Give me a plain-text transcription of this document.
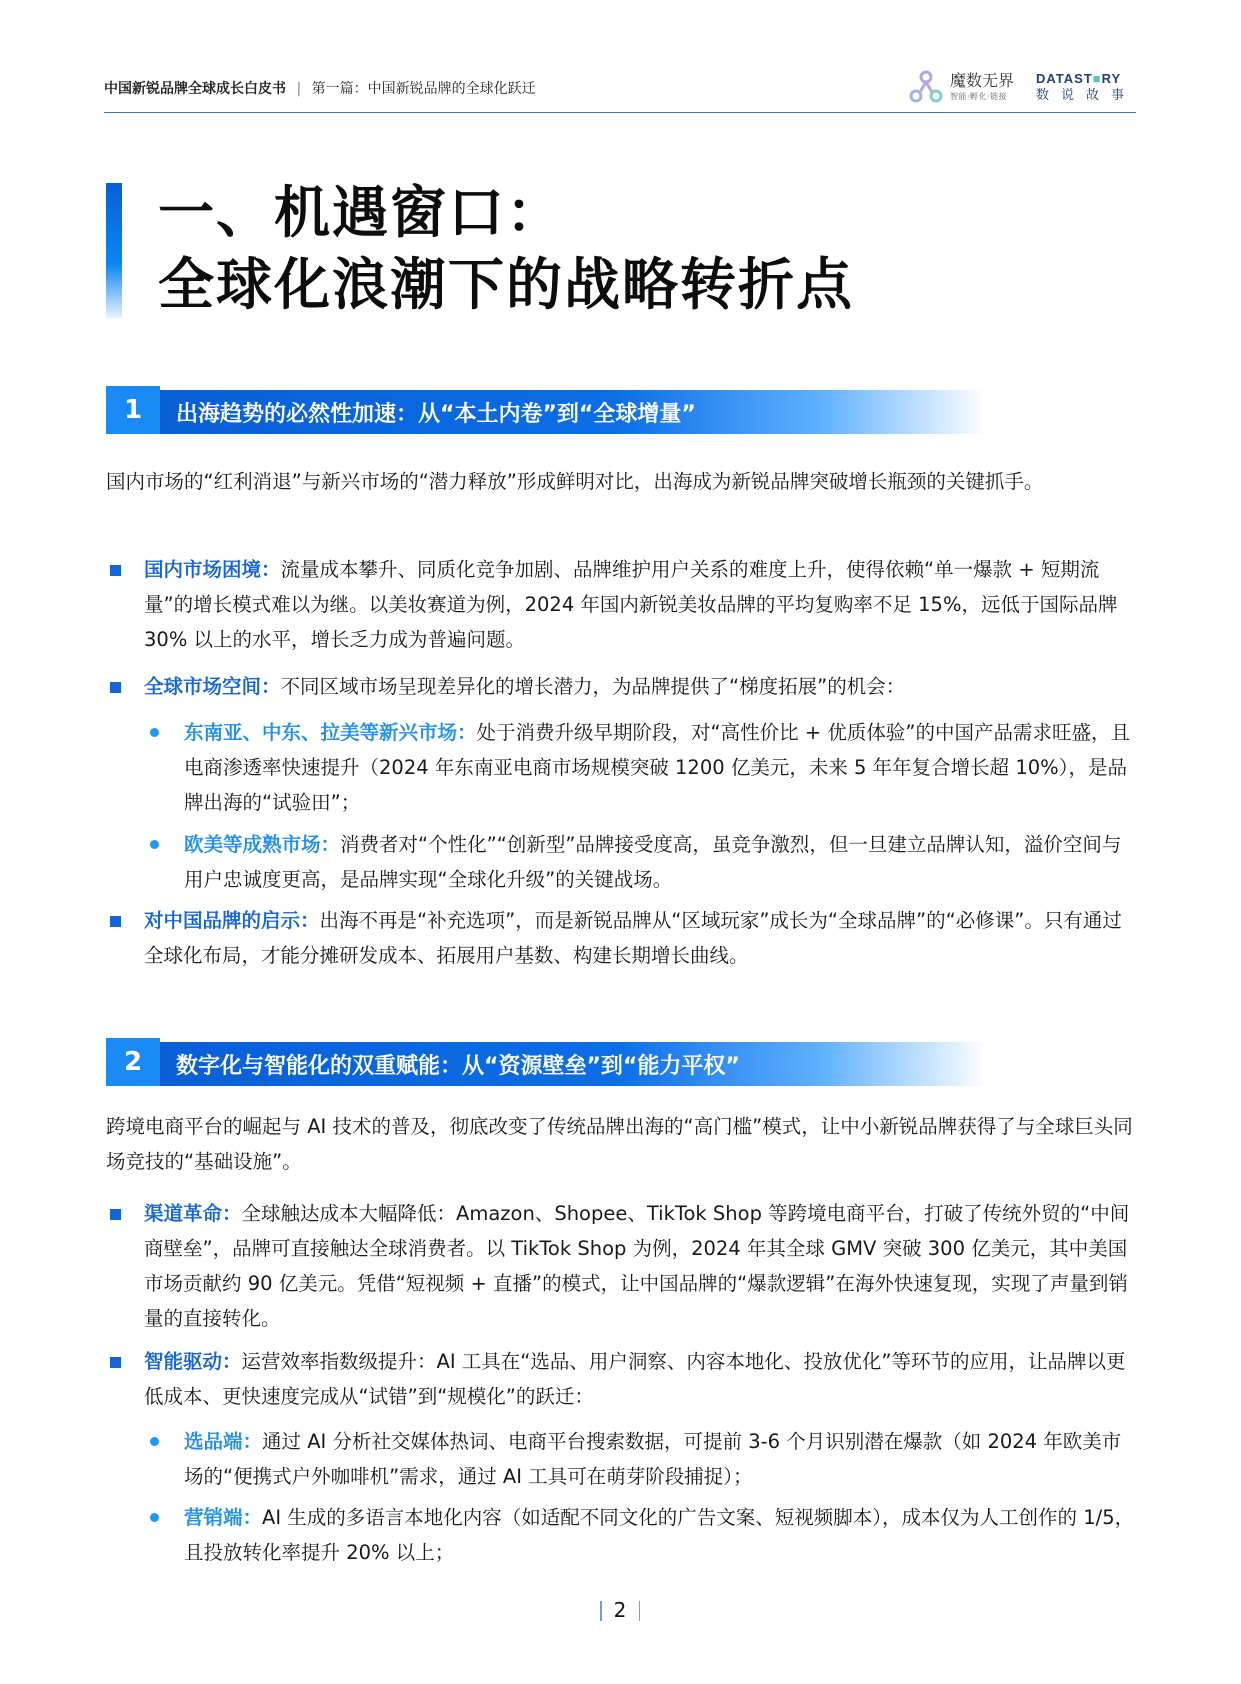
中国新锐品牌全球成长白皮书 | 第一篇：中国新锐品牌的全球化跃迁	魔数无界
智能·孵化·链接
DATAST■RY
数说故事
一、机遇窗口：
全球化浪潮下的战略转折点
1	出海趋势的必然性加速：从“本土内卷”到“全球增量”
国内市场的“红利消退”与新兴市场的“潜力释放”形成鲜明对比，出海成为新锐品牌突破增长瓶颈的关键抓手。
国内市场困境：流量成本攀升、同质化竞争加剧、品牌维护用户关系的难度上升，使得依赖“单一爆款 + 短期流量”的增长模式难以为继。以美妆赛道为例，2024 年国内新锐美妆品牌的平均复购率不足 15%，远低于国际品牌 30% 以上的水平，增长乏力成为普遍问题。
全球市场空间：不同区域市场呈现差异化的增长潜力，为品牌提供了“梯度拓展”的机会：
东南亚、中东、拉美等新兴市场：处于消费升级早期阶段，对“高性价比 + 优质体验”的中国产品需求旺盛，且电商渗透率快速提升（2024 年东南亚电商市场规模突破 1200 亿美元，未来 5 年年复合增长超 10%），是品牌出海的“试验田”；
欧美等成熟市场：消费者对“个性化”“创新型”品牌接受度高，虽竞争激烈，但一旦建立品牌认知，溢价空间与用户忠诚度更高，是品牌实现“全球化升级”的关键战场。
对中国品牌的启示：出海不再是“补充选项”，而是新锐品牌从“区域玩家”成长为“全球品牌”的“必修课”。只有通过全球化布局，才能分摊研发成本、拓展用户基数、构建长期增长曲线。
2	数字化与智能化的双重赋能：从“资源壁垒”到“能力平权”
跨境电商平台的崛起与 AI 技术的普及，彻底改变了传统品牌出海的“高门槛”模式，让中小新锐品牌获得了与全球巨头同场竞技的“基础设施”。
渠道革命：全球触达成本大幅降低：Amazon、Shopee、TikTok Shop 等跨境电商平台，打破了传统外贸的“中间商壁垒”，品牌可直接触达全球消费者。以 TikTok Shop 为例，2024 年其全球 GMV 突破 300 亿美元，其中美国市场贡献约 90 亿美元。凭借“短视频 + 直播”的模式，让中国品牌的“爆款逻辑”在海外快速复现，实现了声量到销量的直接转化。
智能驱动：运营效率指数级提升：AI 工具在“选品、用户洞察、内容本地化、投放优化”等环节的应用，让品牌以更低成本、更快速度完成从“试错”到“规模化”的跃迁：
选品端：通过 AI 分析社交媒体热词、电商平台搜索数据，可提前 3-6 个月识别潜在爆款（如 2024 年欧美市场的“便携式户外咖啡机”需求，通过 AI 工具可在萌芽阶段捕捉）；
营销端：AI 生成的多语言本地化内容（如适配不同文化的广告文案、短视频脚本），成本仅为人工创作的 1/5，且投放转化率提升 20% 以上；
2
